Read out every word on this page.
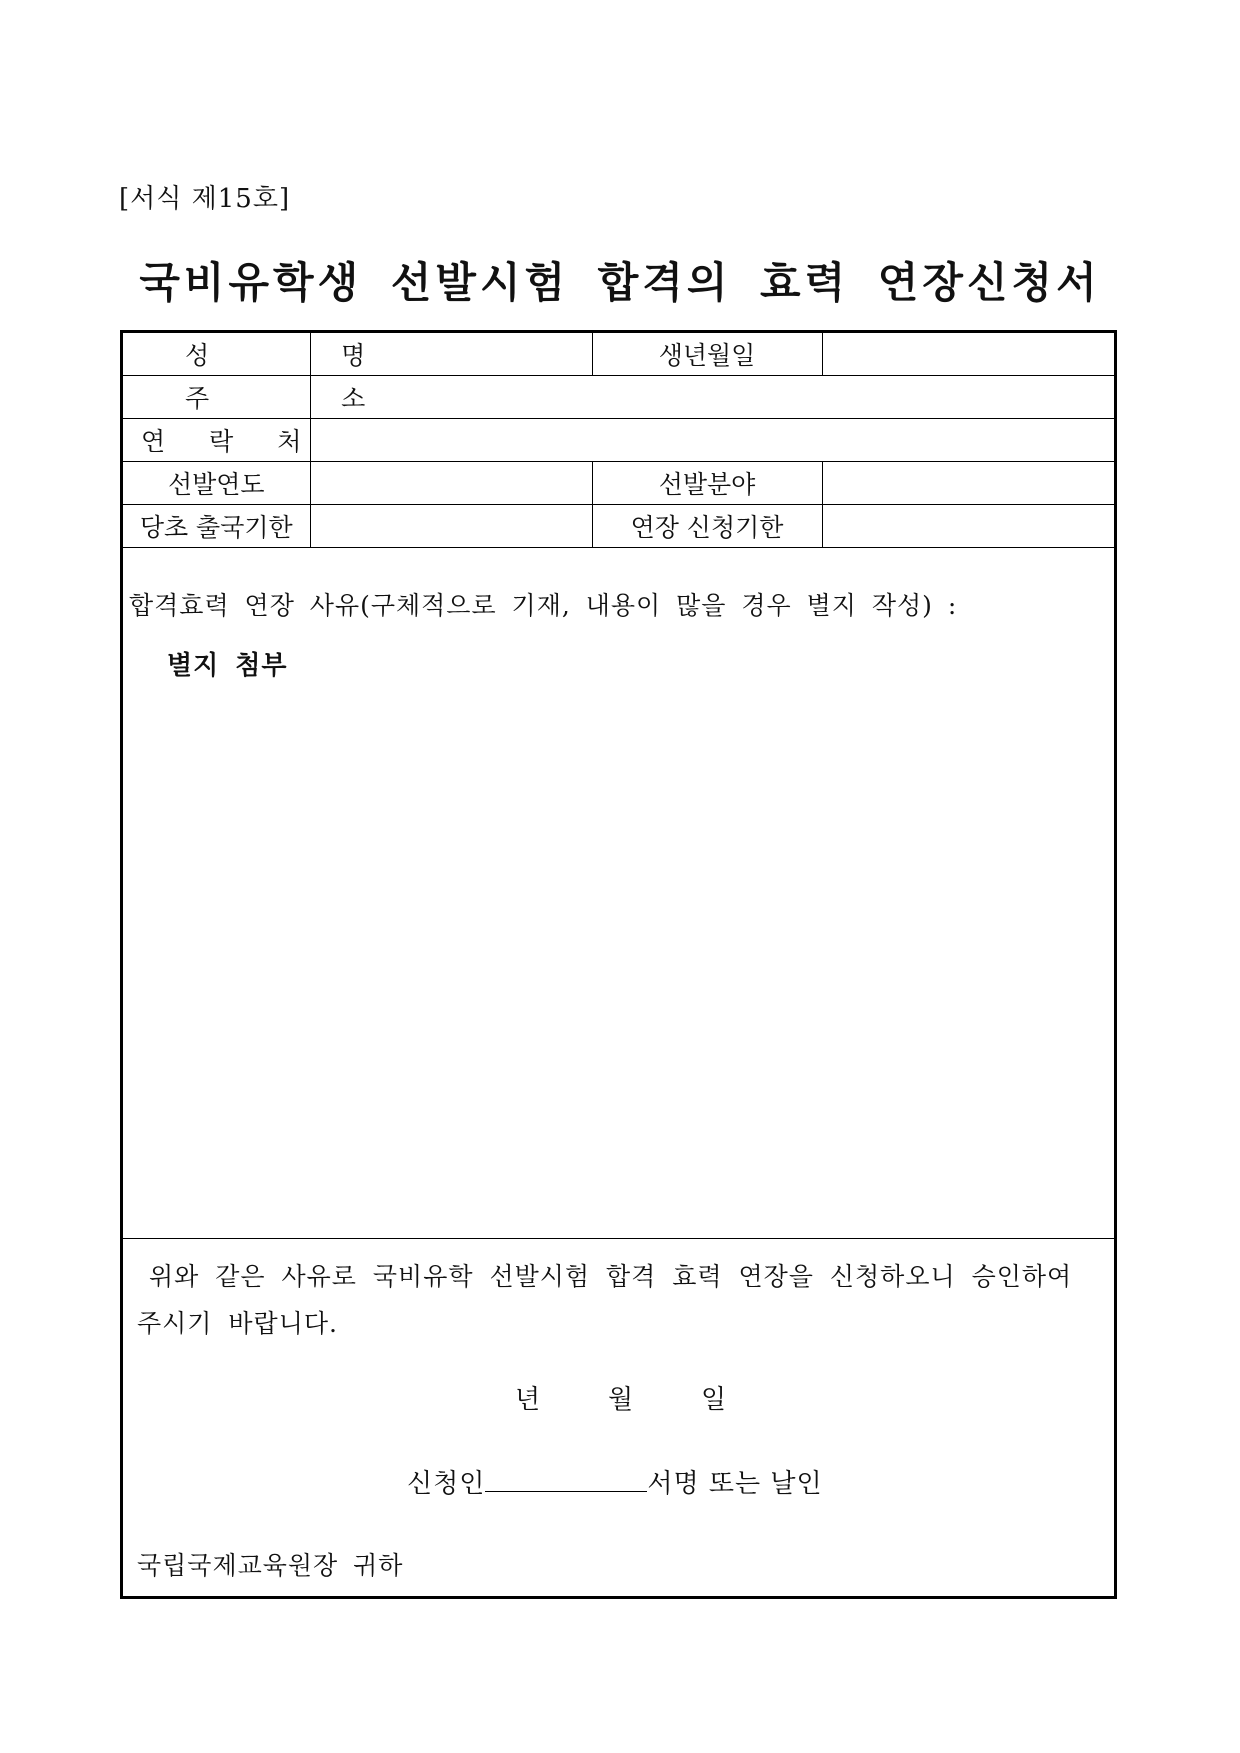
[서식 제15호]
국비유학생 선발시험 합격의 효력 연장신청서
성 명		생년월일	
주 소			
연 락 처			
선발연도		선발분야	
당초 출국기한		연장 신청기한	
합격효력 연장 사유(구체적으로 기재, 내용이 많을 경우 별지 작성) :
별지 첨부
위와 같은 사유로 국비유학 선발시험 합격 효력 연장을 신청하오니 승인하여 주시기 바랍니다.
년	월	일
신청인	서명 또는 날인
국립국제교육원장 귀하
